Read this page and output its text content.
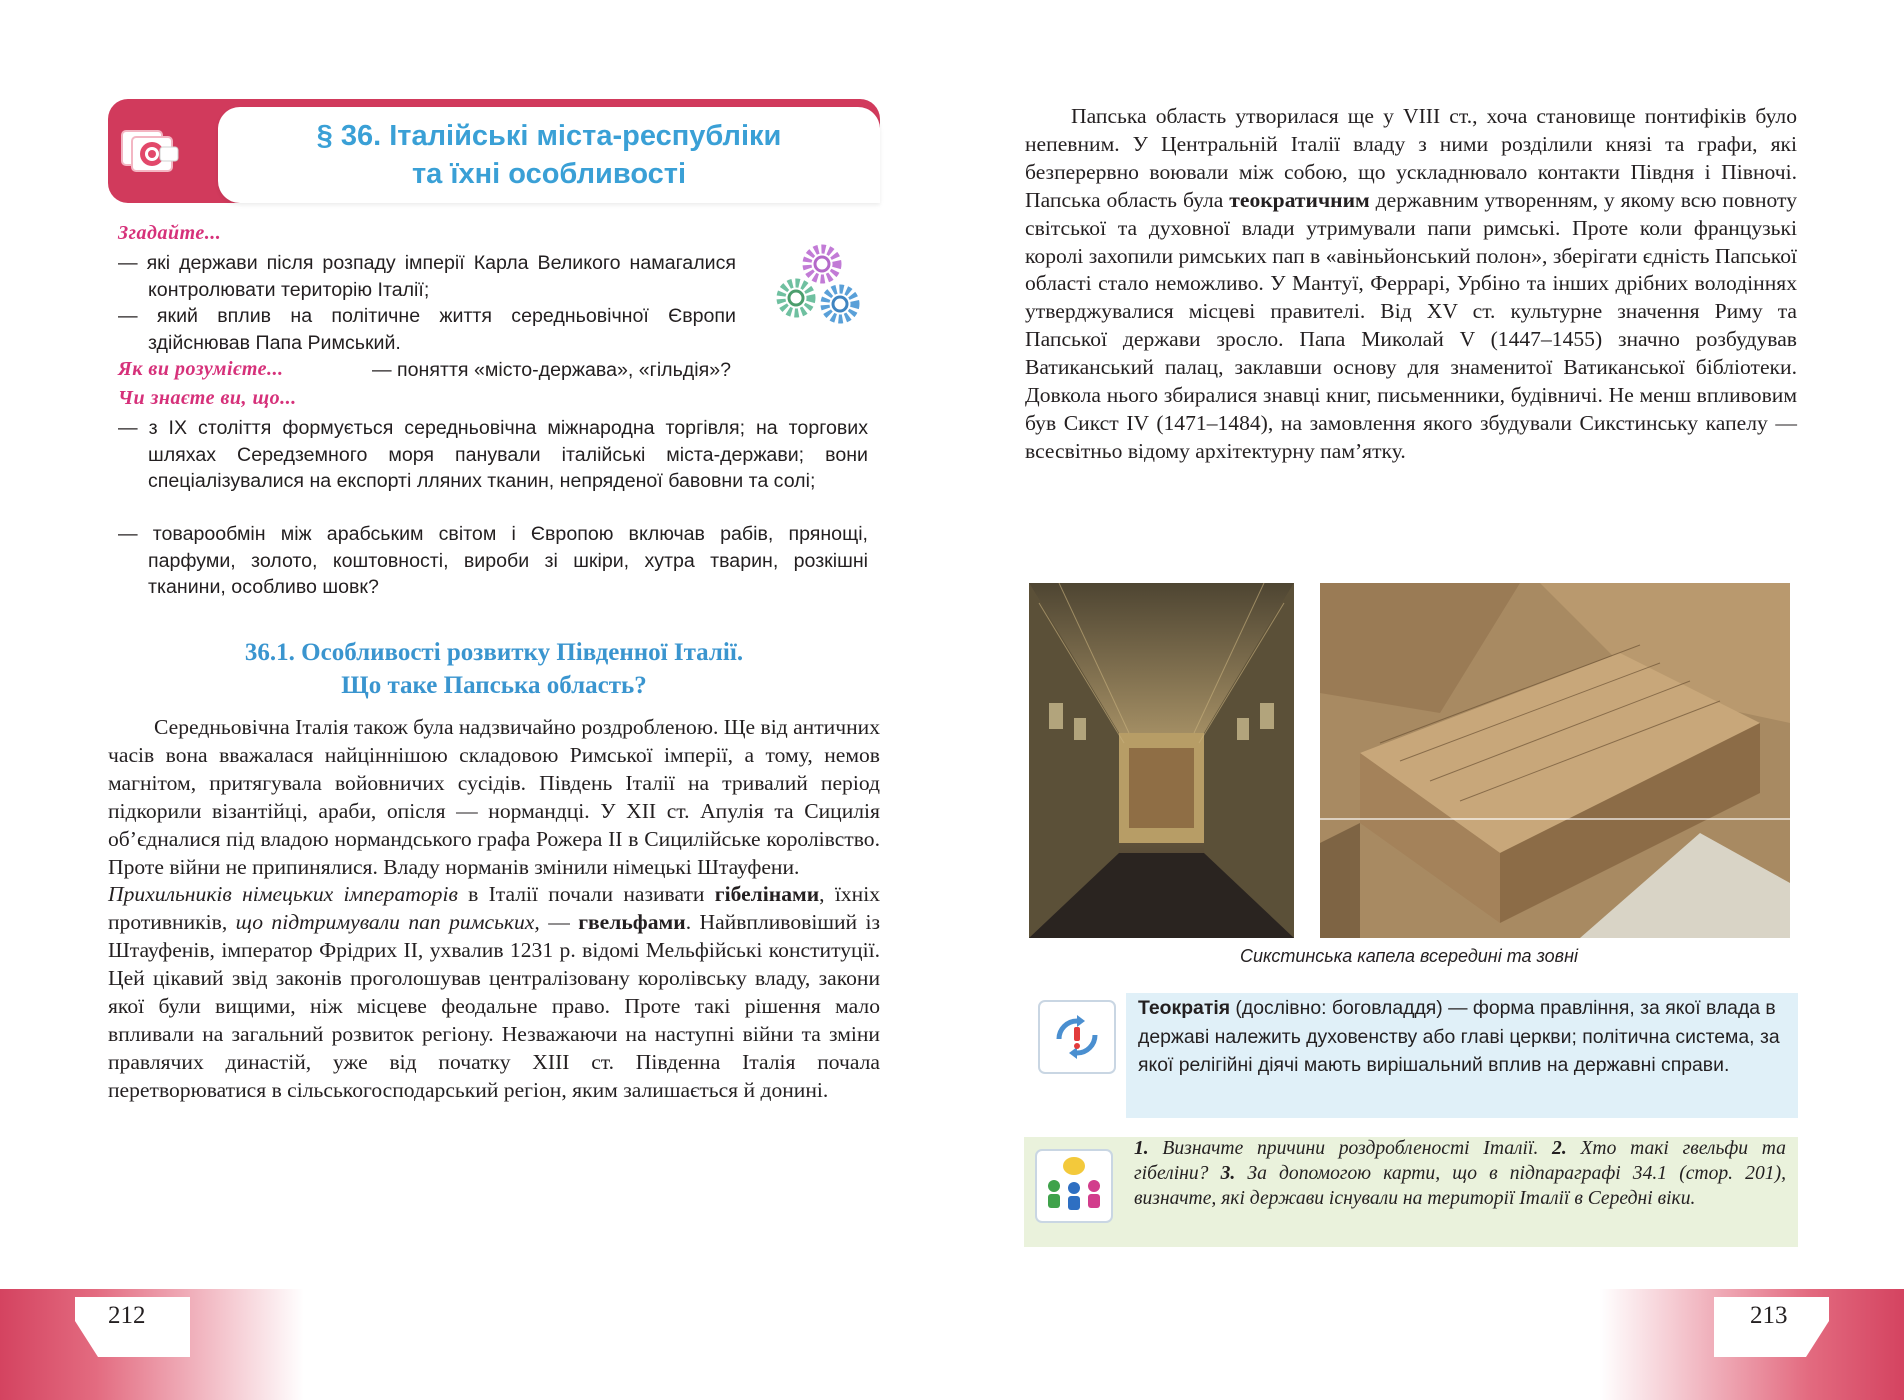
§ 36. Італійські міста-республіки
та їхні особливості
Згадайте...
— які держави після розпаду імперії Карла Великого намагалися контролювати територію Італії;
— який вплив на політичне життя середньовічної Європи здійснював Папа Римський.
Як ви розумієте...	— поняття «місто-держава», «гільдія»?
Чи знаєте ви, що...
— з IX століття формується середньовічна міжнародна торгівля; на торгових шляхах Середземного моря панували італійські міста-держави; вони спеціалізувалися на експорті лляних тканин, непряденої бавовни та солі;
— товарообмін між арабським світом і Європою включав рабів, прянощі, парфуми, золото, коштовності, вироби зі шкіри, хутра тварин, розкішні тканини, особливо шовк?
36.1. Особливості розвитку Південної Італії.
Що таке Папська область?

Середньовічна Італія також була надзвичайно роздробленою. Ще від античних часів вона вважалася найціннішою складовою Римської імперії, а тому, немов магнітом, притягувала войовничих сусідів. Південь Італії на тривалий період підкорили візантійці, араби, опісля — нормандці. У XII ст. Апулія та Сицилія об’єдналися під владою нормандського графа Рожера II в Сицилійське королівство. Проте війни не припинялися. Владу норманів змінили німецькі Штауфени.

Прихильників німецьких імператорів в Італії почали називати гібелінами, їхніх противників, що підтримували пап римських, — гвельфами. Найвпливовіший із Штауфенів, імператор Фрідрих II, ухвалив 1231 р. відомі Мельфійські конституції. Цей цікавий звід законів проголошував централізовану королівську владу, закони якої були вищими, ніж місцеве феодальне право. Проте такі рішення мало впливали на загальний розвиток регіону. Незважаючи на наступні війни та зміни правлячих династій, уже від початку XIII ст. Південна Італія почала перетворюватися в сільськогосподарський регіон, яким залишається й донині.

212

Папська область утворилася ще у VIII ст., хоча становище понтифіків було непевним. У Центральній Італії владу з ними розділили князі та графи, які безперервно воювали між собою, що ускладнювало контакти Півдня і Півночі. Папська область була теократичним державним утворенням, у якому всю повноту світської та духовної влади утримували папи римські. Проте коли французькі королі захопили римських пап в «авіньйонський полон», зберігати єдність Папської області стало неможливо. У Мантуї, Феррарі, Урбіно та інших дрібних володіннях утверджувалися місцеві правителі. Від XV ст. культурне значення Риму та Папської держави зросло. Папа Миколай V (1447–1455) значно розбудував Ватиканський палац, заклавши основу для знаменитої Ватиканської бібліотеки. Довкола нього збиралися знавці книг, письменники, будівничі. Не менш впливовим був Сикст IV (1471–1484), на замовлення якого збудували Сикстинську капелу — всесвітньо відому архітектурну пам’ятку.

Сикстинська капела всередині та зовні
Теократія (дослівно: боговладдя) — форма правління, за якої влада в державі належить духовенству або главі церкви; політична система, за якої релігійні діячі мають вирішальний вплив на державні справи.
1. Визначте причини роздробленості Італії. 2. Хто такі гвельфи та гібеліни? 3. За допомогою карти, що в підпараграфі 34.1 (стор. 201), визначте, які держави існували на території Італії в Середні віки.
213
